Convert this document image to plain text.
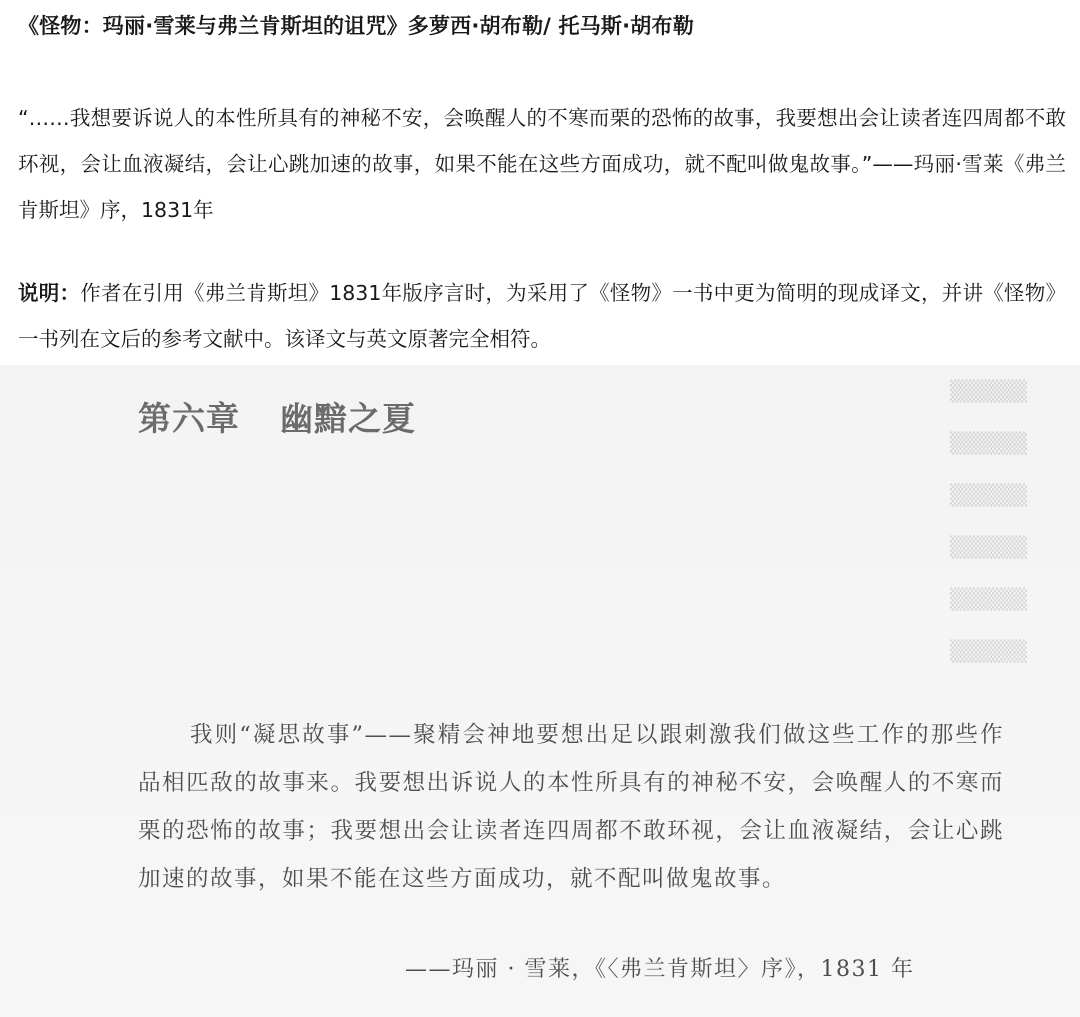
《怪物：玛丽·雪莱与弗兰肯斯坦的诅咒》多萝西·胡布勒/ 托马斯·胡布勒
“……我想要诉说人的本性所具有的神秘不安，会唤醒人的不寒而栗的恐怖的故事，我要想出会让读者连四周都不敢环视，会让血液凝结，会让心跳加速的故事，如果不能在这些方面成功，就不配叫做鬼故事。”——玛丽·雪莱《弗兰肯斯坦》序，1831年
说明：作者在引用《弗兰肯斯坦》1831年版序言时，为采用了《怪物》一书中更为简明的现成译文，并讲《怪物》一书列在文后的参考文献中。该译文与英文原著完全相符。
▒▒▒▒▒
▒▒▒▒▒
▒▒▒▒▒
▒▒▒▒▒
▒▒▒▒▒
▒▒▒▒▒
第六章 幽黯之夏
我则“凝思故事”——聚精会神地要想出足以跟刺激我们做这些工作的那些作品相匹敌的故事来。我要想出诉说人的本性所具有的神秘不安，会唤醒人的不寒而栗的恐怖的故事；我要想出会让读者连四周都不敢环视，会让血液凝结，会让心跳加速的故事，如果不能在这些方面成功，就不配叫做鬼故事。
——玛丽 · 雪莱，《〈弗兰肯斯坦〉序》，1831 年
